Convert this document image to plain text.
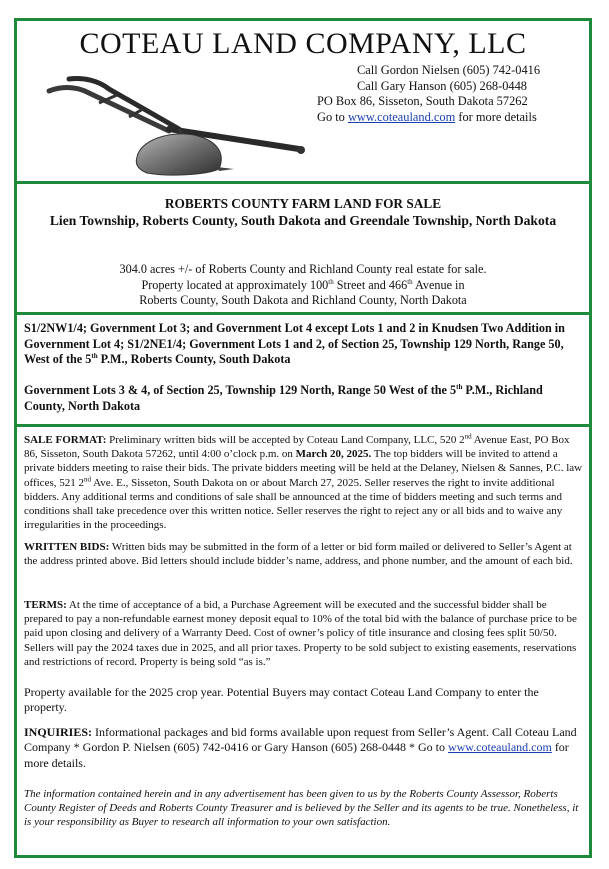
COTEAU LAND COMPANY, LLC
Call Gordon Nielsen (605) 742-0416
Call Gary Hanson (605) 268-0448
PO Box 86, Sisseton, South Dakota 57262
Go to www.coteauland.com for more details
ROBERTS COUNTY FARM LAND FOR SALE
Lien Township, Roberts County, South Dakota and Greendale Township, North Dakota
304.0 acres +/- of Roberts County and Richland County real estate for sale.
Property located at approximately 100th Street and 466th Avenue in
Roberts County, South Dakota and Richland County, North Dakota
S1/2NW1/4; Government Lot 3; and Government Lot 4 except Lots 1 and 2 in Knudsen Two Addition in Government Lot 4; S1/2NE1/4; Government Lots 1 and 2, of Section 25, Township 129 North, Range 50, West of the 5th P.M., Roberts County, South Dakota
Government Lots 3 & 4, of Section 25, Township 129 North, Range 50 West of the 5th P.M., Richland County, North Dakota
SALE FORMAT: Preliminary written bids will be accepted by Coteau Land Company, LLC, 520 2nd Avenue East, PO Box 86, Sisseton, South Dakota 57262, until 4:00 o’clock p.m. on March 20, 2025. The top bidders will be invited to attend a private bidders meeting to raise their bids. The private bidders meeting will be held at the Delaney, Nielsen & Sannes, P.C. law offices, 521 2nd Ave. E., Sisseton, South Dakota on or about March 27, 2025. Seller reserves the right to invite additional bidders. Any additional terms and conditions of sale shall be announced at the time of bidders meeting and such terms and conditions shall take precedence over this written notice. Seller reserves the right to reject any or all bids and to waive any irregularities in the proceedings.
WRITTEN BIDS: Written bids may be submitted in the form of a letter or bid form mailed or delivered to Seller’s Agent at the address printed above. Bid letters should include bidder’s name, address, and phone number, and the amount of each bid.
TERMS: At the time of acceptance of a bid, a Purchase Agreement will be executed and the successful bidder shall be prepared to pay a non-refundable earnest money deposit equal to 10% of the total bid with the balance of purchase price to be paid upon closing and delivery of a Warranty Deed. Cost of owner’s policy of title insurance and closing fees split 50/50. Sellers will pay the 2024 taxes due in 2025, and all prior taxes. Property to be sold subject to existing easements, reservations and restrictions of record. Property is being sold “as is.”
Property available for the 2025 crop year. Potential Buyers may contact Coteau Land Company to enter the property.
INQUIRIES: Informational packages and bid forms available upon request from Seller’s Agent. Call Coteau Land Company * Gordon P. Nielsen (605) 742-0416 or Gary Hanson (605) 268-0448 * Go to www.coteauland.com for more details.
The information contained herein and in any advertisement has been given to us by the Roberts County Assessor, Roberts County Register of Deeds and Roberts County Treasurer and is believed by the Seller and its agents to be true. Nonetheless, it is your responsibility as Buyer to research all information to your own satisfaction.
